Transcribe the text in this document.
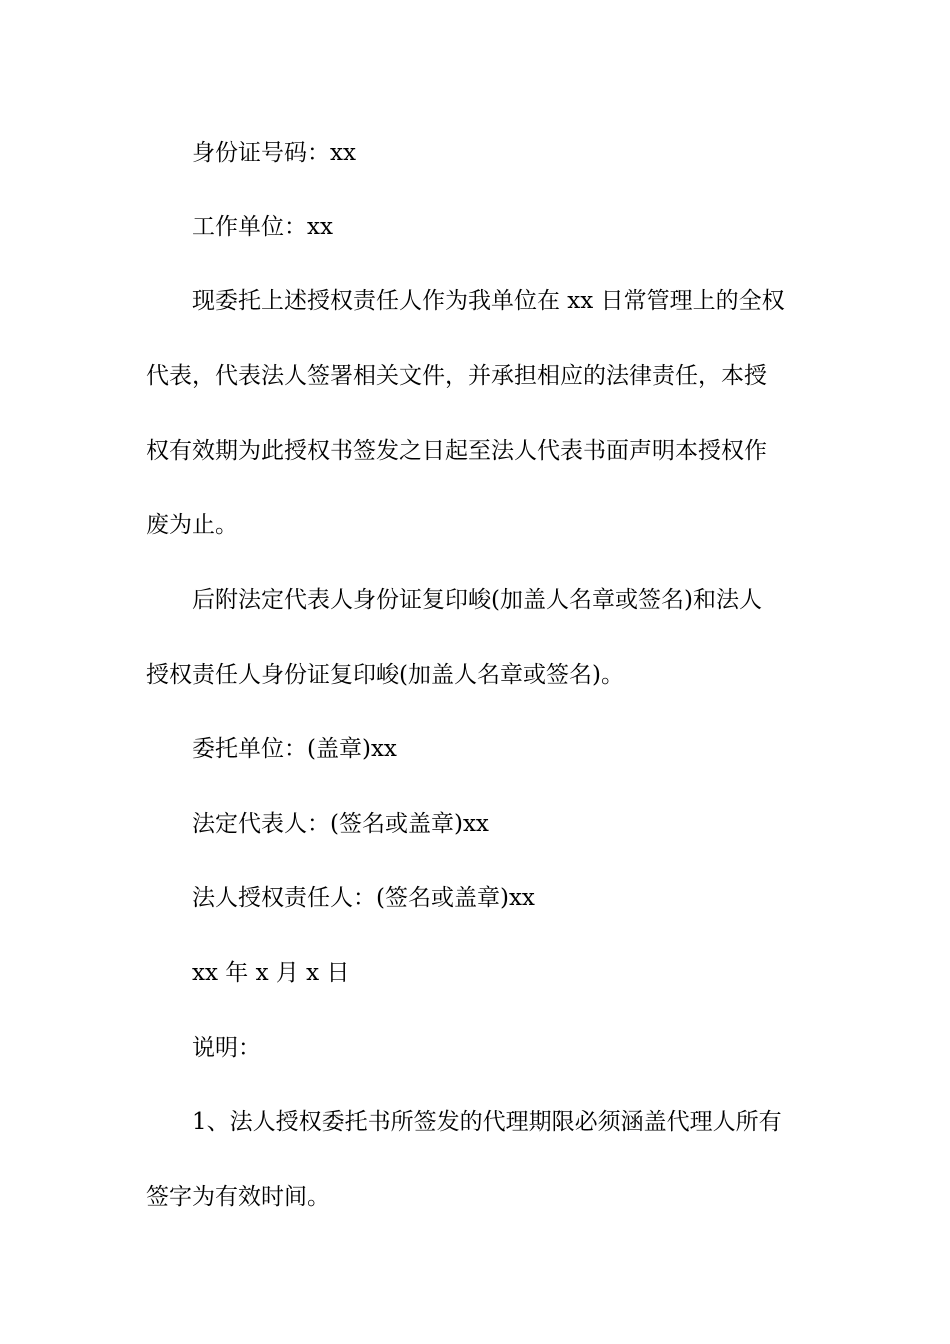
身份证号码：xx
工作单位：xx
现委托上述授权责任人作为我单位在 xx 日常管理上的全权
代表，代表法人签署相关文件，并承担相应的法律责任，本授
权有效期为此授权书签发之日起至法人代表书面声明本授权作
废为止。
后附法定代表人身份证复印峻(加盖人名章或签名)和法人
授权责任人身份证复印峻(加盖人名章或签名)。
委托单位：(盖章)xx
法定代表人：(签名或盖章)xx
法人授权责任人：(签名或盖章)xx
xx 年 x 月 x 日
说明：
1、法人授权委托书所签发的代理期限必须涵盖代理人所有
签字为有效时间。
